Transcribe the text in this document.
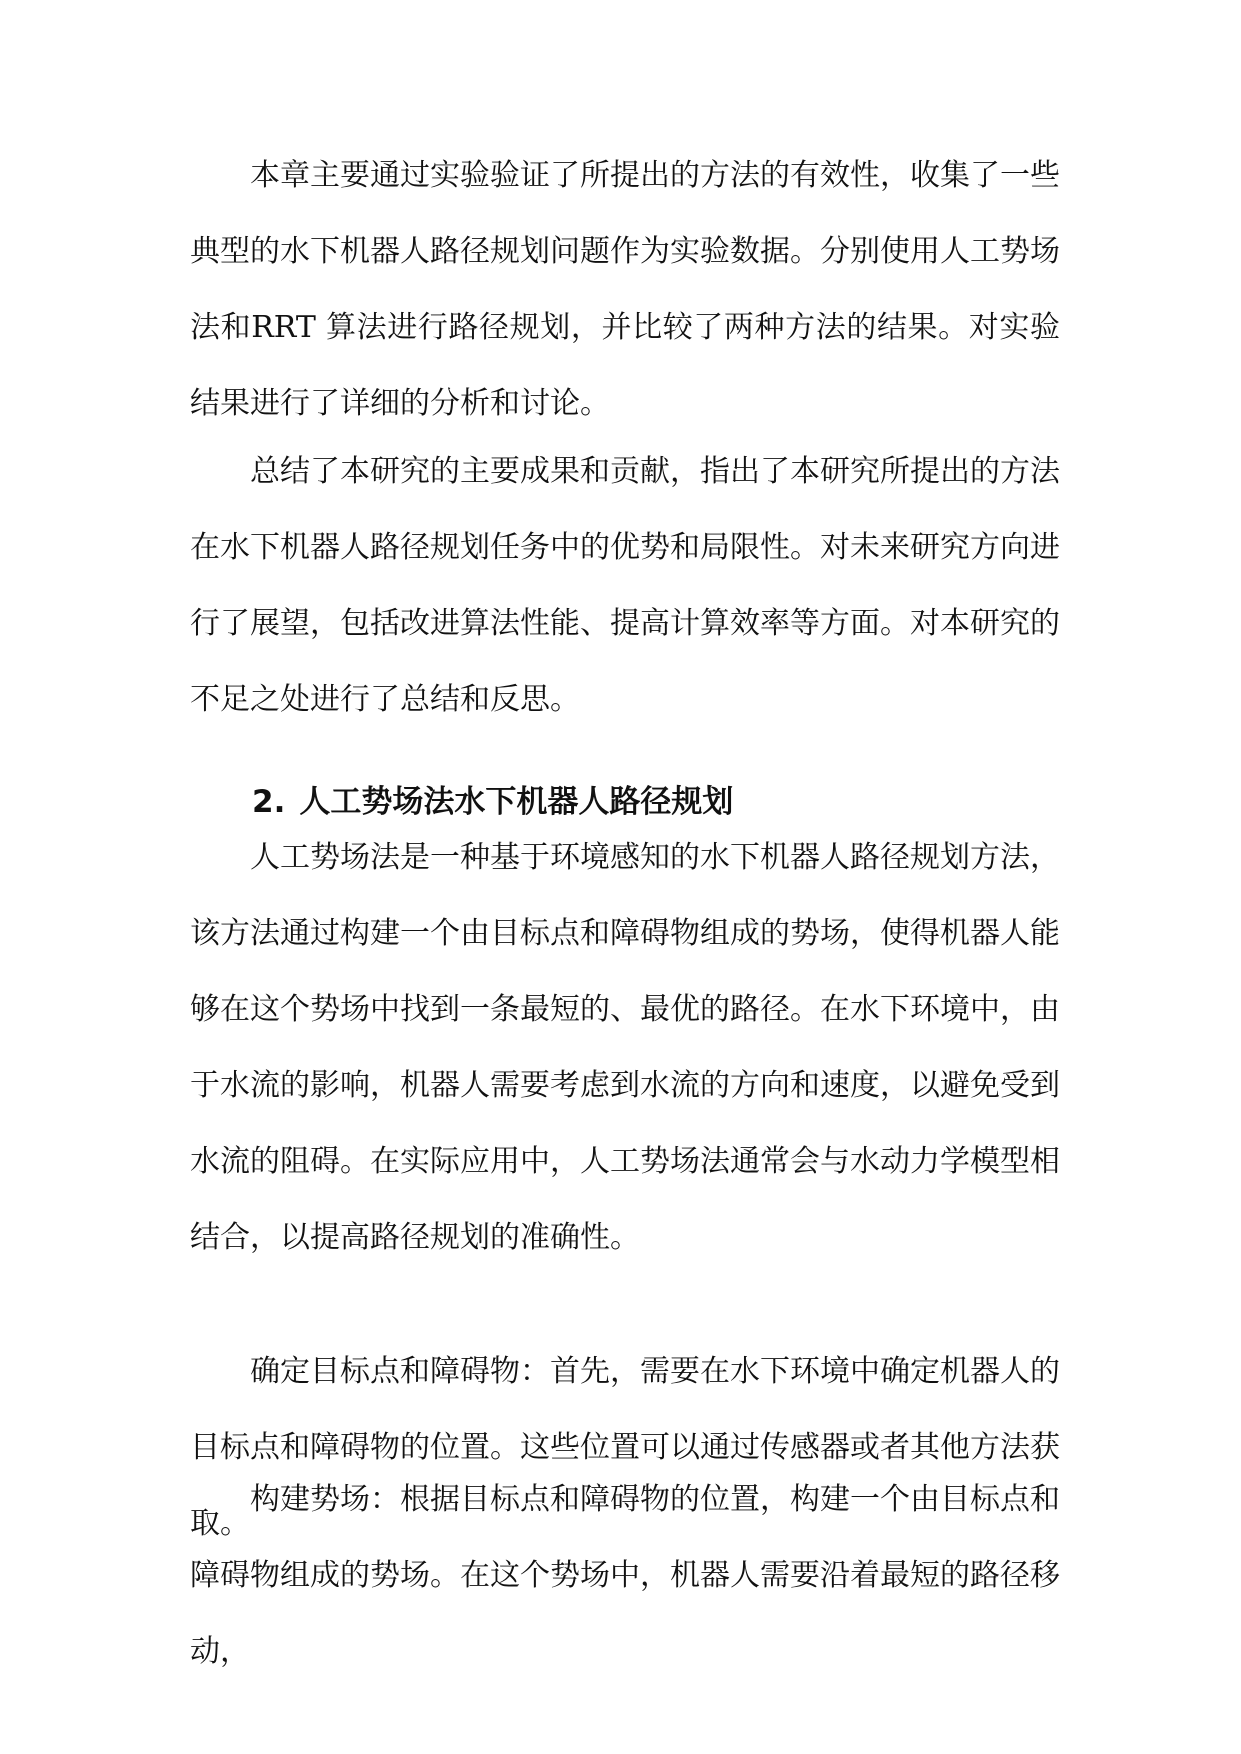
本章主要通过实验验证了所提出的方法的有效性，收集了一些典型的水下机器人路径规划问题作为实验数据。分别使用人工势场法和RRT 算法进行路径规划，并比较了两种方法的结果。对实验结果进行了详细的分析和讨论。

总结了本研究的主要成果和贡献，指出了本研究所提出的方法在水下机器人路径规划任务中的优势和局限性。对未来研究方向进行了展望，包括改进算法性能、提高计算效率等方面。对本研究的不足之处进行了总结和反思。

2. 人工势场法水下机器人路径规划

人工势场法是一种基于环境感知的水下机器人路径规划方法，该方法通过构建一个由目标点和障碍物组成的势场，使得机器人能够在这个势场中找到一条最短的、最优的路径。在水下环境中，由于水流的影响，机器人需要考虑到水流的方向和速度，以避免受到水流的阻碍。在实际应用中，人工势场法通常会与水动力学模型相结合，以提高路径规划的准确性。

确定目标点和障碍物：首先，需要在水下环境中确定机器人的目标点和障碍物的位置。这些位置可以通过传感器或者其他方法获取。

构建势场：根据目标点和障碍物的位置，构建一个由目标点和障碍物组成的势场。在这个势场中，机器人需要沿着最短的路径移动，
